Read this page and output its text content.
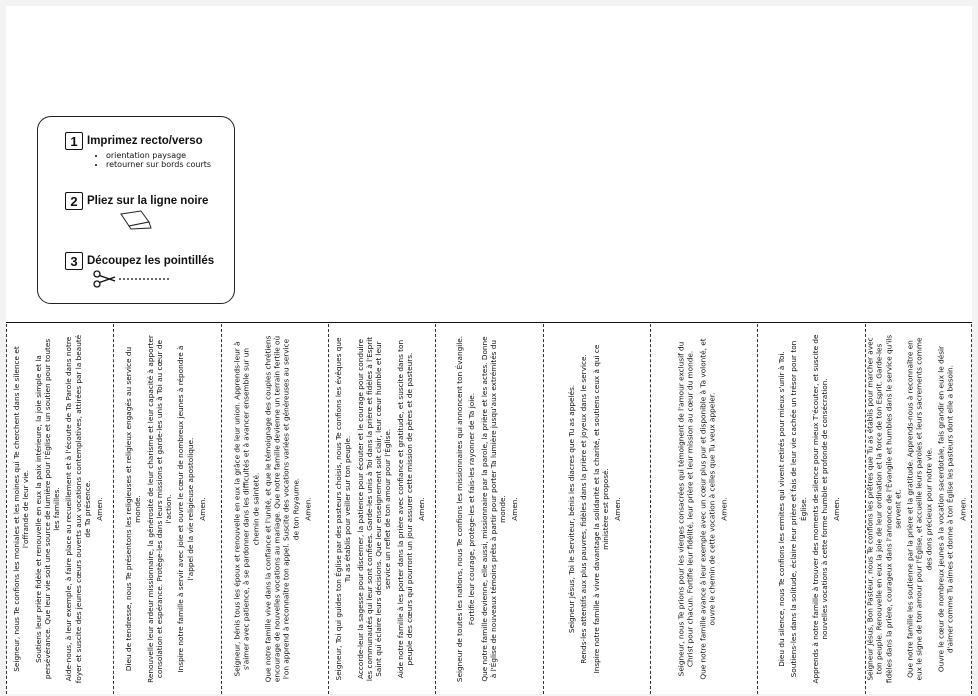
1 Imprimez recto/verso
• orientation paysage
• retourner sur bords courts
2 Pliez sur la ligne noire
3 Découpez les pointillés

Seigneur, nous Te confions les moniales et les moines qui Te cherchent dans le silence et l'offrande de leur vie. Soutiens leur prière fidèle et renouvelle en eux la paix intérieure, la joie simple et la persévérance. Que leur vie soit une source de lumière pour l'Église et un soutien pour toutes les familles. Aide-nous, à leur exemple, à faire place au recueillement et à l'écoute de Ta Parole dans notre foyer et suscite des jeunes cœurs ouverts aux vocations contemplatives, attirées par la beauté de Ta présence. Amen.	Dieu de tendresse, nous Te présentons les religieuses et religieux engagés au service du monde. Renouvelle leur ardeur missionnaire, la générosité de leur charisme et leur capacité à apporter consolation et espérance. Protège-les dans leurs missions et garde-les unis à Toi au cœur de l'action. Inspire notre famille à servir avec joie et ouvre le cœur de nombreux jeunes à répondre à l'appel de la vie religieuse apostolique. Amen.	Seigneur, bénis tous les époux et renouvelle en eux la grâce de leur union. Apprends-leur à s'aimer avec patience, à se pardonner dans les difficultés et à avancer ensemble sur un chemin de sainteté. Que notre famille vive dans la confiance et l'unité, et que le témoignage des couples chrétiens encourage de nouvelles vocations au mariage. Que notre famille devienne un terrain fertile où l'on apprend à reconnaître ton appel. Suscite des vocations variées et généreuses au service de ton Royaume. Amen.	Seigneur, Toi qui guides ton Église par des pasteurs choisis, nous Te confions les évêques que Tu as établis pour veiller sur ton peuple. Accorde-leur la sagesse pour discerner, la patience pour écouter et le courage pour conduire les communautés qui leur sont confiées. Garde-les unis à Toi dans la prière et fidèles à l'Esprit Saint qui éclaire leurs décisions. Que leur enseignement soit clair, leur cœur humble et leur service un reflet de ton amour pour l'Église. Aide notre famille à les porter dans la prière avec confiance et gratitude, et suscite dans ton peuple des cœurs qui pourront un jour assurer cette mission de pères et de pasteurs. Amen.	Seigneur de toutes les nations, nous Te confions les missionnaires qui annoncent ton Évangile. Fortifie leur courage, protège-les et fais-les rayonner de Ta joie. Que notre famille devienne, elle aussi, missionnaire par la parole, la prière et les actes. Donne à l'Église de nouveaux témoins prêts à partir pour porter Ta lumière jusqu'aux extrémités du monde. Amen.	Seigneur Jésus, Toi le Serviteur, bénis les diacres que Tu as appelés. Rends-les attentifs aux plus pauvres, fidèles dans la prière et joyeux dans le service. Inspire notre famille à vivre davantage la solidarité et la charité, et soutiens ceux à qui ce ministère est proposé. Amen.	Seigneur, nous Te prions pour les vierges consacrées qui témoignent de l'amour exclusif du Christ pour chacun. Fortifie leur fidélité, leur prière et leur mission au cœur du monde. Que notre famille avance à leur exemple avec un cœur plus pur et disponible à Ta volonté, et ouvre le chemin de cette vocation à celles que Tu veux appeler. Amen.	Dieu du silence, nous Te confions les ermites qui vivent retirés pour mieux s'unir à Toi. Soutiens-les dans la solitude, éclaire leur prière et fais de leur vie cachée un trésor pour ton Église. Apprends à notre famille à trouver des moments de silence pour mieux T'écouter, et suscite de nouvelles vocations à cette forme humble et profonde de consécration. Amen.	Seigneur Jésus, Bon Pasteur, nous Te confions les prêtres que Tu as établis pour marcher avec ton peuple. Renouvelle en eux la joie de leur ordination et la force de ton Esprit. Garde-les fidèles dans la prière, courageux dans l'annonce de l'Évangile et humbles dans le service qu'ils servent et. Que notre famille les soutienne par la prière et la gratitude. Apprends-nous à reconnaître en eux le signe de ton amour pour l'Église, et accueille leurs paroles et leurs sacrements comme des dons précieux pour notre vie. Ouvre le cœur de nombreux jeunes à la vocation sacerdotale, fais grandir en eux le désir d'aimer comme Tu aimes et donne à ton Église les pasteurs dont elle a besoin. Amen.
